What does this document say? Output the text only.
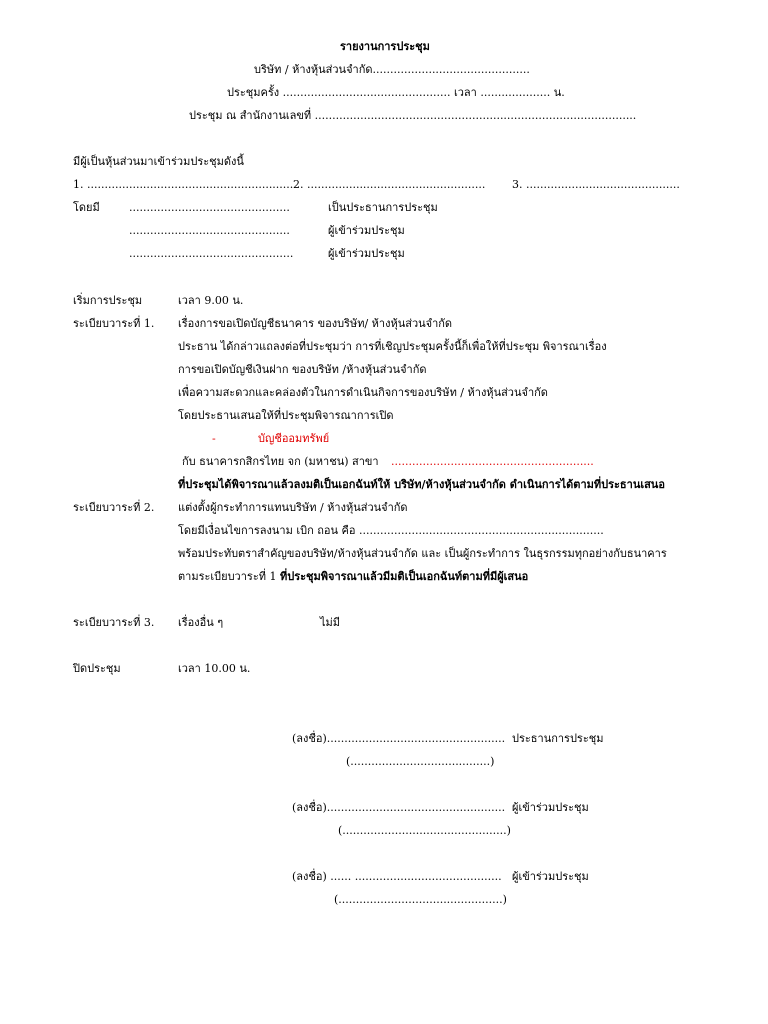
รายงานการประชุม
บริษัท / ห้างหุ้นส่วนจำกัด.............................................
ประชุมครั้ง ................................................ เวลา .................... น.
ประชุม ณ สำนักงานเลขที่ ............................................................................................
มีผู้เป็นหุ้นส่วนมาเข้าร่วมประชุมดังนี้
1. ........................................................... 2. ................................................... 3. ............................................
โดยมี	..............................................	เป็นประธานการประชุม
..............................................	ผู้เข้าร่วมประชุม
...............................................	ผู้เข้าร่วมประชุม
เริ่มการประชุม	เวลา 9.00 น.
ระเบียบวาระที่ 1. เรื่องการขอเปิดบัญชีธนาคาร ของบริษัท/ ห้างหุ้นส่วนจำกัด
ประธาน ได้กล่าวแถลงต่อที่ประชุมว่า การที่เชิญประชุมครั้งนี้ก็เพื่อให้ที่ประชุม พิจารณาเรื่อง
การขอเปิดบัญชีเงินฝาก ของบริษัท /ห้างหุ้นส่วนจำกัด
เพื่อความสะดวกและคล่องตัวในการดำเนินกิจการของบริษัท / ห้างหุ้นส่วนจำกัด
โดยประธานเสนอให้ที่ประชุมพิจารณาการเปิด
-	บัญชีออมทรัพย์
กับ ธนาคารกสิกรไทย จก (มหาชน) สาขา ..........................................................
ที่ประชุมได้พิจารณาแล้วลงมติเป็นเอกฉันท์ให้ บริษัท/ห้างหุ้นส่วนจำกัด ดำเนินการได้ตามที่ประธานเสนอ
ระเบียบวาระที่ 2. แต่งตั้งผู้กระทำการแทนบริษัท / ห้างหุ้นส่วนจำกัด
โดยมีเงื่อนไขการลงนาม เบิก ถอน คือ ......................................................................
พร้อมประทับตราสำคัญของบริษัท/ห้างหุ้นส่วนจำกัด และ เป็นผู้กระทำการ ในธุรกรรมทุกอย่างกับธนาคาร
ตามระเบียบวาระที่ 1 ที่ประชุมพิจารณาแล้วมีมติเป็นเอกฉันท์ตามที่มีผู้เสนอ
ระเบียบวาระที่ 3. เรื่องอื่น ๆ	ไม่มี
ปิดประชุม	เวลา 10.00 น.
(ลงชื่อ)................................................... ประธานการประชุม
(........................................)
(ลงชื่อ)................................................... ผู้เข้าร่วมประชุม
(...............................................)
(ลงชื่อ) ...... .......................................... ผู้เข้าร่วมประชุม
(...............................................)
